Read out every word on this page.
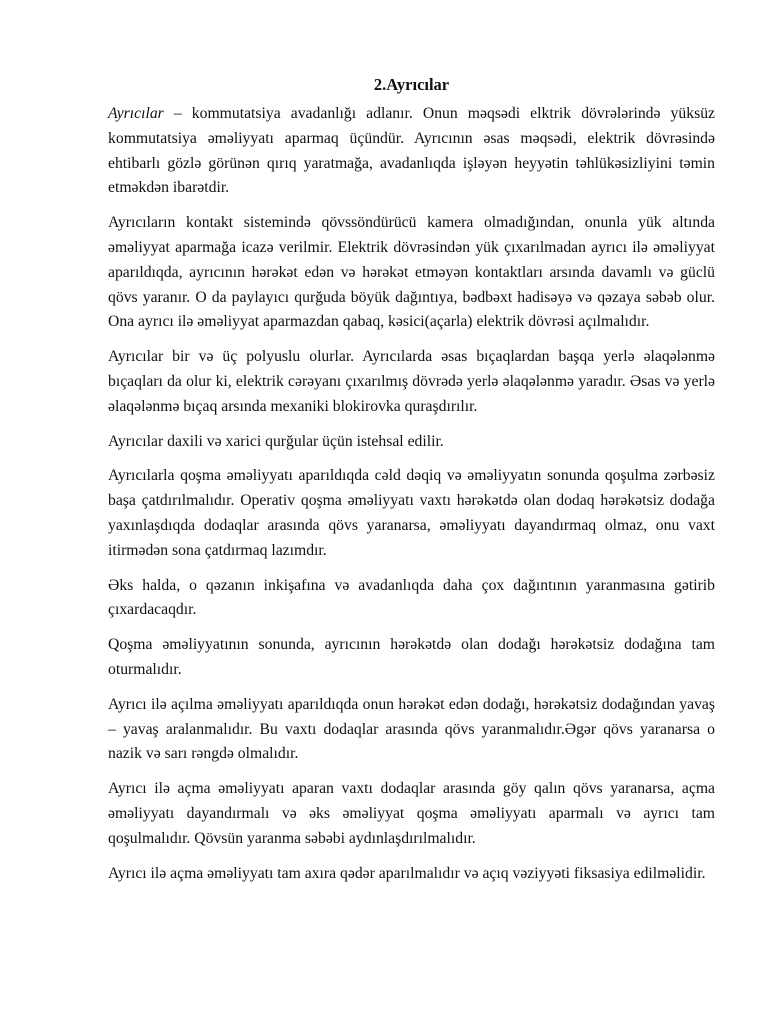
2.Ayrıcılar

Ayrıcılar – kommutatsiya avadanlığı adlanır. Onun məqsədi elktrik dövrələrində yüksüz kommutatsiya əməliyyatı aparmaq üçündür. Ayrıcının əsas məqsədi, elektrik dövrəsində ehtibarlı gözlə görünən qırıq yaratmağa, avadanlıqda işləyən heyyətin təhlükəsizliyini təmin etməkdən ibarətdir.

Ayrıcıların kontakt sistemində qövssöndürücü kamera olmadığından, onunla yük altında əməliyyat aparmağa icazə verilmir. Elektrik dövrəsindən yük çıxarılmadan ayrıcı ilə əməliyyat aparıldıqda, ayrıcının hərəkət edən və hərəkət etməyən kontaktları arsında davamlı və güclü qövs yaranır. O da paylayıcı qurğuda böyük dağıntıya, bədbəxt hadisəyə və qəzaya səbəb olur. Ona ayrıcı ilə əməliyyat aparmazdan qabaq, kəsici(açarla) elektrik dövrəsi açılmalıdır.

Ayrıcılar bir və üç polyuslu olurlar. Ayrıcılarda əsas bıçaqlardan başqa yerlə əlaqələnmə bıçaqları da olur ki, elektrik cərəyanı çıxarılmış dövrədə yerlə əlaqələnmə yaradır. Əsas və yerlə əlaqələnmə bıçaq arsında mexaniki blokirovka quraşdırılır.

Ayrıcılar daxili və xarici qurğular üçün istehsal edilir.

Ayrıcılarla qoşma əməliyyatı aparıldıqda cəld dəqiq və əməliyyatın sonunda qoşulma zərbəsiz başa çatdırılmalıdır. Operativ qoşma əməliyyatı vaxtı hərəkətdə olan dodaq hərəkətsiz dodağa yaxınlaşdıqda dodaqlar arasında qövs yaranarsa, əməliyyatı dayandırmaq olmaz, onu vaxt itirmədən sona çatdırmaq lazımdır.

Əks halda, o qəzanın inkişafına və avadanlıqda daha çox dağıntının yaranmasına gətirib çıxardacaqdır.

Qoşma əməliyyatının sonunda, ayrıcının hərəkətdə olan dodağı hərəkətsiz dodağına tam oturmalıdır.

Ayrıcı ilə açılma əməliyyatı aparıldıqda onun hərəkət edən dodağı, hərəkətsiz dodağından yavaş – yavaş aralanmalıdır. Bu vaxtı dodaqlar arasında qövs yaranmalıdır.Əgər qövs yaranarsa o nazik və sarı rəngdə olmalıdır.

Ayrıcı ilə açma əməliyyatı aparan vaxtı dodaqlar arasında göy qalın qövs yaranarsa, açma əməliyyatı dayandırmalı və əks əməliyyat qoşma əməliyyatı aparmalı və ayrıcı tam qoşulmalıdır. Qövsün yaranma səbəbi aydınlaşdırılmalıdır.

Ayrıcı ilə açma əməliyyatı tam axıra qədər aparılmalıdır və açıq vəziyyəti fiksasiya edilməlidir.
